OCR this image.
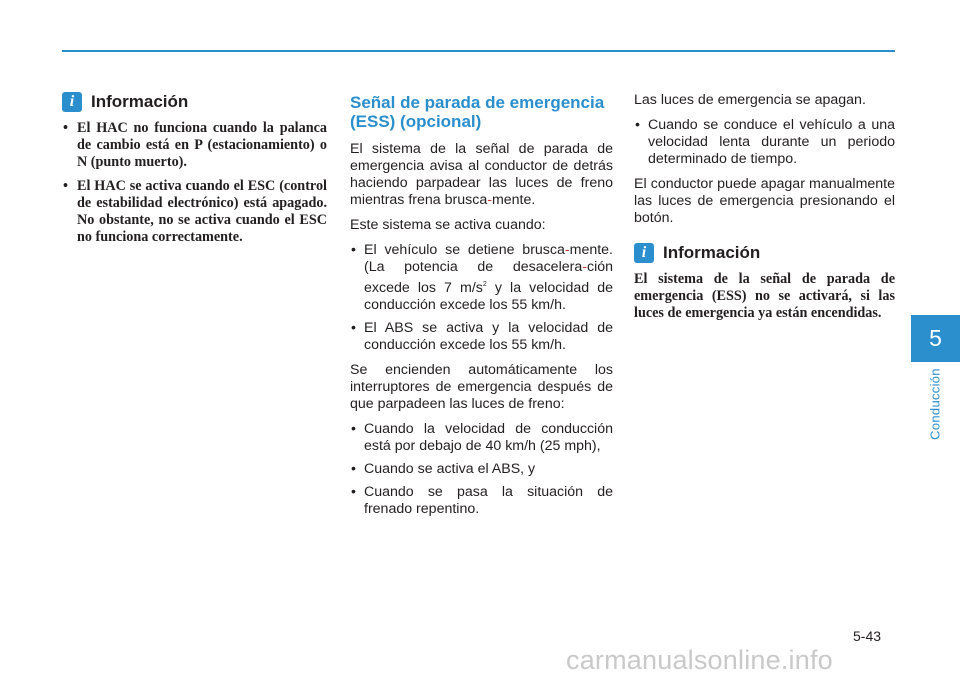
i Información
• El HAC no funciona cuando la palanca de cambio está en P (estacionamiento) o N (punto muerto).
• El HAC se activa cuando el ESC (control de estabilidad electrónico) está apagado. No obstante, no se activa cuando el ESC no funciona correctamente.
Señal de parada de emergencia (ESS) (opcional)

El sistema de la señal de parada de emergencia avisa al conductor de detrás haciendo parpadear las luces de freno mientras frena brusca-mente.

Este sistema se activa cuando:

• El vehículo se detiene brusca-mente. (La potencia de desacelera-ción excede los 7 $m/s^2$ y la velocidad de conducción excede los 55 km/h.
• El ABS se activa y la velocidad de conducción excede los 55 km/h.

Se encienden automáticamente los interruptores de emergencia después de que parpadeen las luces de freno:

• Cuando la velocidad de conducción está por debajo de 40 km/h (25 mph),
• Cuando se activa el ABS, y
• Cuando se pasa la situación de frenado repentino.

Las luces de emergencia se apagan.

• Cuando se conduce el vehículo a una velocidad lenta durante un periodo determinado de tiempo.

El conductor puede apagar manualmente las luces de emergencia presionando el botón.

i Información

El sistema de la señal de parada de emergencia (ESS) no se activará, si las luces de emergencia ya están encendidas.

5
Conducción
5-43
carmanualsonline.info
